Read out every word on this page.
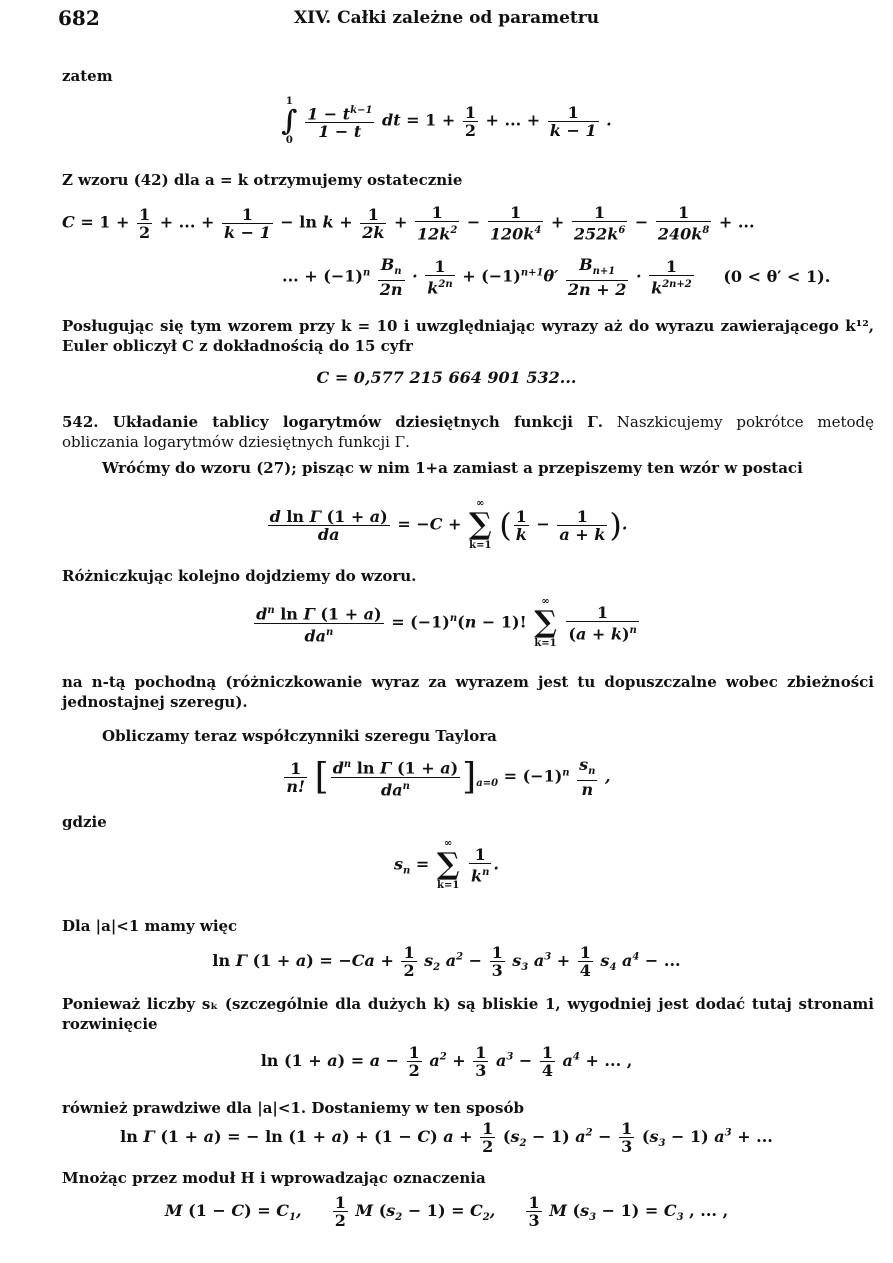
682	XIV. Całki zależne od parametru
zatem
1
∫
0

$\frac{1 - t^{k-1}}{1 - t}$ dt = $1 + \frac{1}{2}$ + ... + $\frac{1}{k - 1}$ .
Z wzoru (42) dla a = k otrzymujemy ostatecznie
$C = 1 + \frac{1}{2}$ + ... + $\frac{1}{k - 1} - \ln k + \frac{1}{2k} + \frac{1}{12k^2} - \frac{1}{120k^4} + \frac{1}{252k^6} - \frac{1}{240k^8}$ + ...
... + $(-1)^n \frac{B_n}{2n} \cdot \frac{1}{k^{2n}} + (-1)^{n+1}\theta' \frac{B_{n+1}}{2n + 2} \cdot \frac{1}{k^{2n+2}} (0 < \theta' < 1)$.
Posługując się tym wzorem przy k = 10 i uwzględniając wyrazy aż do wyrazu zawierającego k¹², Euler obliczył C z dokładnością do 15 cyfr
C = 0,577 215 664 901 532...
542. Układanie tablicy logarytmów dziesiętnych funkcji Γ. Naszkicujemy pokrótce metodę obliczania logarytmów dziesiętnych funkcji Γ.
Wróćmy do wzoru (27); pisząc w nim 1+a zamiast a przepiszemy ten wzór w postaci
$\frac{\text{d ln Γ (1 + a)}}{da} = -C$ +
∞
∑
k=1
( $\frac{1}{k} - \frac{1}{a + k}$ ).
Różniczkując kolejno dojdziemy do wzoru.
$\frac{d^n \ln \Gamma (1 + a)}{da^n} = (-1)^n(n - 1)$!
∞
∑
k=1

$\frac{1}{(a + k)^n}$
na n-tą pochodną (różniczkowanie wyraz za wyrazem jest tu dopuszczalne wobec zbieżności jednostajnej szeregu).
Obliczamy teraz współczynniki szeregu Taylora
$\frac{1}{n!}$ [ $\frac{d^n \ln \Gamma (1 + a)}{da^n} ]_{a=0} = (-1)^n \frac{s_n}{n}$ ,
gdzie
$s_n$ =
∞
∑
k=1

$\frac{1}{k^n}$ .
Dla |a|<1 mamy więc
ln Γ $(1 + a) = -Ca + \frac{1}{2} s_2$ $a^2 - \frac{1}{3} s_3$ $a^3 + \frac{1}{4} s_4$ $a^4$ − ...
Ponieważ liczby sₖ (szczególnie dla dużych k) są bliskie 1, wygodniej jest dodać tutaj stronami rozwinięcie
$\ln (1 + a) = a - \frac{1}{2} a^2 + \frac{1}{3} a^3 - \frac{1}{4} a^4$ + ... ,
również prawdziwe dla |a|<1. Dostaniemy w ten sposób
ln Γ (1 + a) = − ln (1 + a) + (1 − C) $a + \frac{1}{2} (s_2 - 1) a^2 - \frac{1}{3} (s_3 - 1) a^3$ + ...
Mnożąc przez moduł H i wprowadzając oznaczenia
M $(1 - C) = C_1$, $\frac{1}{2}$ M $(s_2 - 1) = C_2$, $\frac{1}{3}$ M $(s_3 - 1) = C_3$ , ... ,
